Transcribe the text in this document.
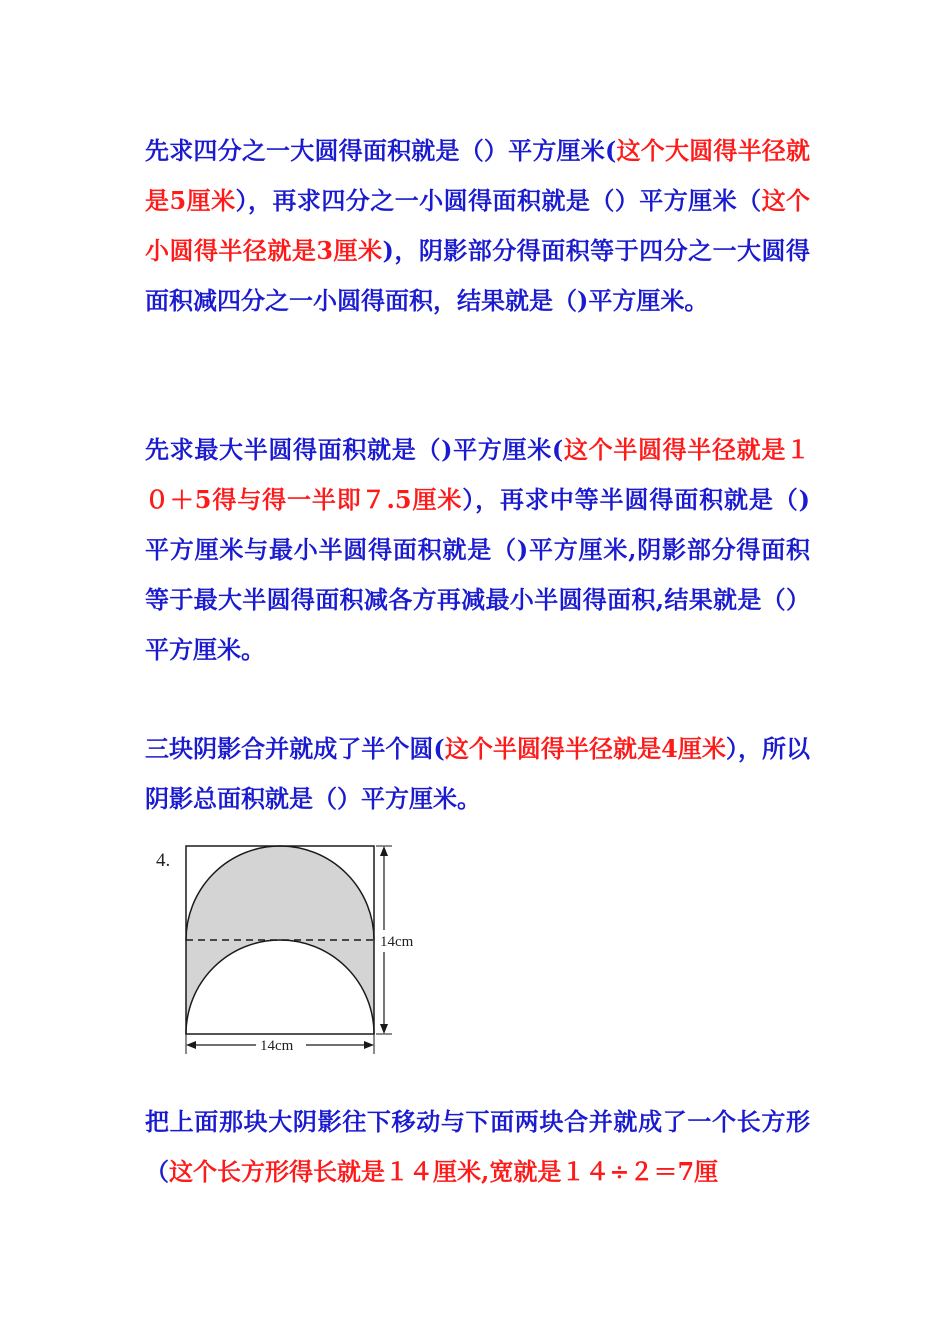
先求四分之一大圆得面积就是（）平方厘米(这个大圆得半径就是5厘米），再求四分之一小圆得面积就是（）平方厘米（这个小圆得半径就是3厘米)，阴影部分得面积等于四分之一大圆得面积减四分之一小圆得面积，结果就是（)平方厘米。

先求最大半圆得面积就是（)平方厘米(这个半圆得半径就是１０＋5得与得一半即７.5厘米），再求中等半圆得面积就是（)平方厘米与最小半圆得面积就是（)平方厘米,阴影部分得面积等于最大半圆得面积减各方再减最小半圆得面积,结果就是（）平方厘米。

三块阴影合并就成了半个圆(这个半圆得半径就是4厘米），所以阴影总面积就是（）平方厘米。

4.
14cm
14cm

把上面那块大阴影往下移动与下面两块合并就成了一个长方形（这个长方形得长就是１４厘米,宽就是１４÷２＝7厘
